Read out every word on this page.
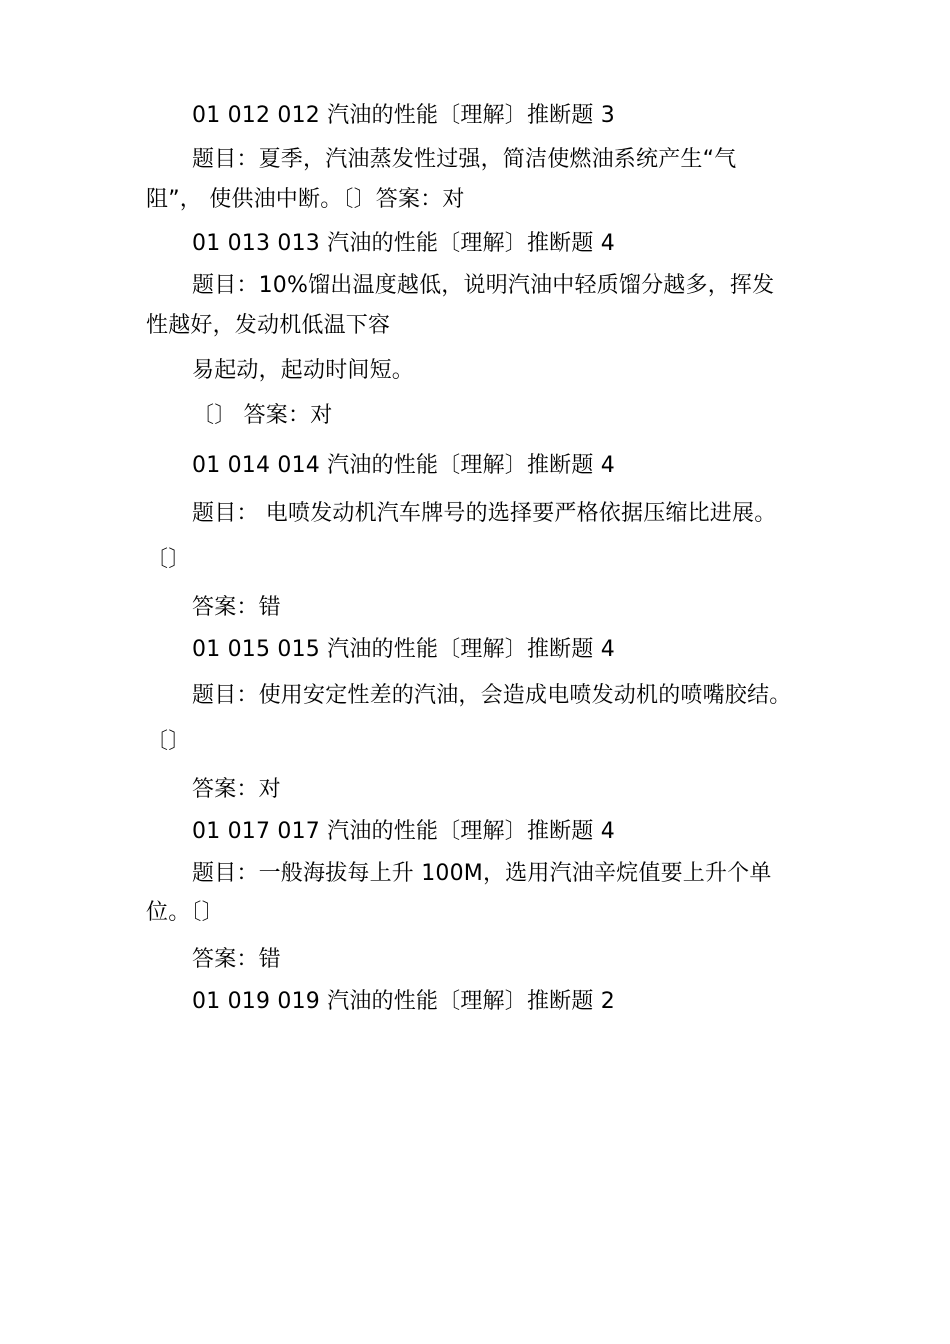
01 012 012 汽油的性能〔理解〕推断题 3
题目：夏季，汽油蒸发性过强，简洁使燃油系统产生“气
阻”， 使供油中断。〔〕答案：对
01 013 013 汽油的性能〔理解〕推断题 4
题目：10%馏出温度越低，说明汽油中轻质馏分越多，挥发
性越好，发动机低温下容
易起动，起动时间短。
〔〕 答案：对
01 014 014 汽油的性能〔理解〕推断题 4
题目： 电喷发动机汽车牌号的选择要严格依据压缩比进展。
〔〕
答案：错
01 015 015 汽油的性能〔理解〕推断题 4
题目：使用安定性差的汽油，会造成电喷发动机的喷嘴胶结。
〔〕
答案：对
01 017 017 汽油的性能〔理解〕推断题 4
题目：一般海拔每上升 100M，选用汽油辛烷值要上升个单
位。〔〕
答案：错
01 019 019 汽油的性能〔理解〕推断题 2
